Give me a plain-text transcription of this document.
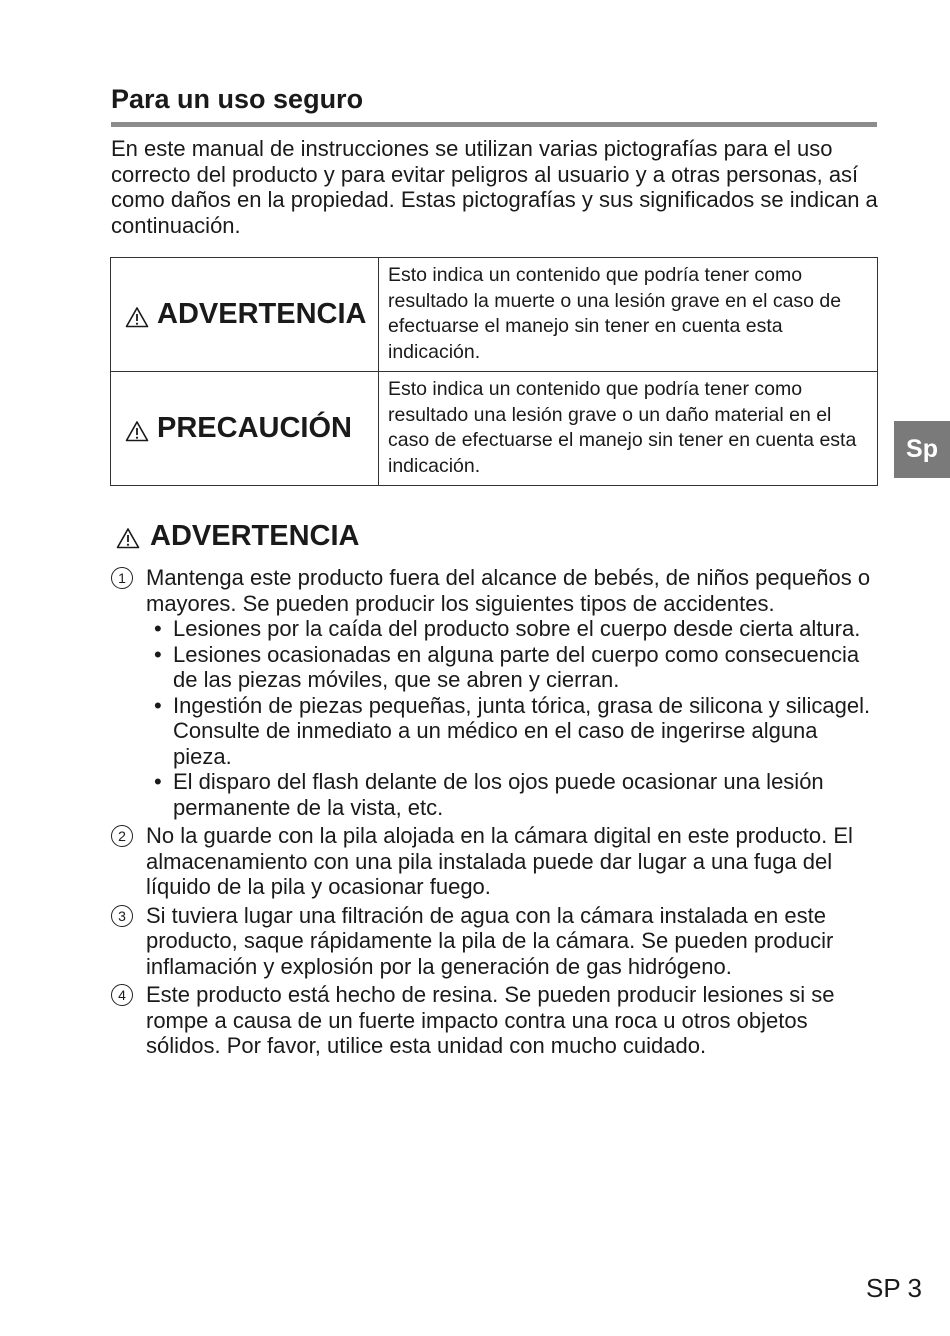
Para un uso seguro

En este manual de instrucciones se utilizan varias pictografías para el uso correcto del producto y para evitar peligros al usuario y a otras personas, así como daños en la propiedad. Estas pictografías y sus significados se indican a continuación.

ADVERTENCIA	Esto indica un contenido que podría tener como resultado la muerte o una lesión grave en el caso de efectuarse el manejo sin tener en cuenta esta indicación.

PRECAUCIÓN	Esto indica un contenido que podría tener como resultado una lesión grave o un daño material en el caso de efectuarse el manejo sin tener en cuenta esta indicación.
Sp
ADVERTENCIA
1 Mantenga este producto fuera del alcance de bebés, de niños pequeños o mayores. Se pueden producir los siguientes tipos de accidentes.
• Lesiones por la caída del producto sobre el cuerpo desde cierta altura.
• Lesiones ocasionadas en alguna parte del cuerpo como consecuencia de las piezas móviles, que se abren y cierran.
• Ingestión de piezas pequeñas, junta tórica, grasa de silicona y silicagel. Consulte de inmediato a un médico en el caso de ingerirse alguna pieza.
• El disparo del flash delante de los ojos puede ocasionar una lesión permanente de la vista, etc.
2 No la guarde con la pila alojada en la cámara digital en este producto. El almacenamiento con una pila instalada puede dar lugar a una fuga del líquido de la pila y ocasionar fuego.
3 Si tuviera lugar una filtración de agua con la cámara instalada en este producto, saque rápidamente la pila de la cámara. Se pueden producir inflamación y explosión por la generación de gas hidrógeno.
4 Este producto está hecho de resina. Se pueden producir lesiones si se rompe a causa de un fuerte impacto contra una roca u otros objetos sólidos. Por favor, utilice esta unidad con mucho cuidado.
SP 3
